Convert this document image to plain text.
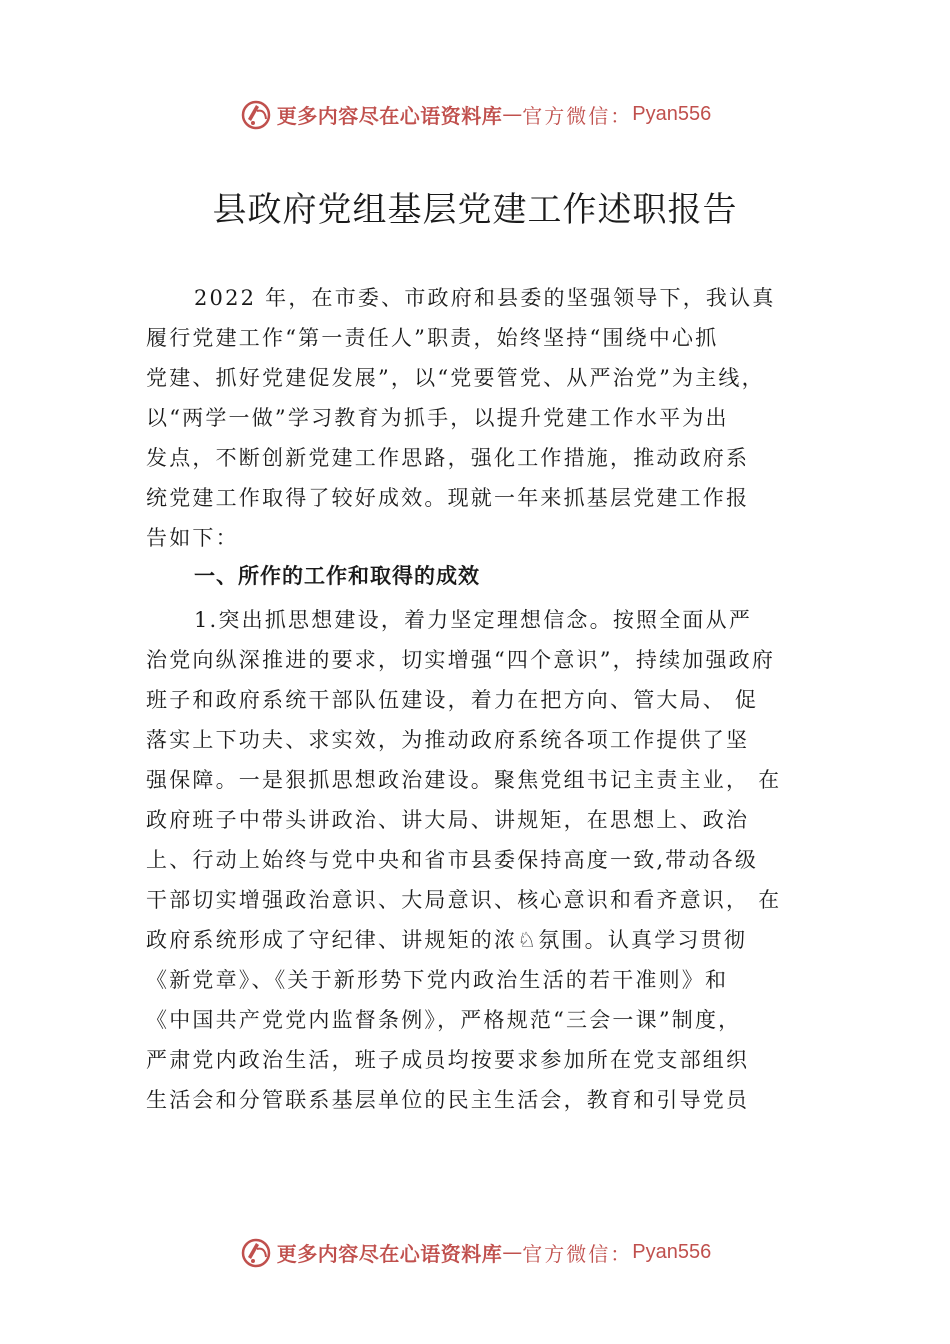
更多内容尽在心语资料库 — 官方微信： Pyan556
县政府党组基层党建工作述职报告
2022 年，在市委、市政府和县委的坚强领导下，我认真
履行党建工作“第一责任人”职责，始终坚持“围绕中心抓
党建、抓好党建促发展”，以“党要管党、从严治党”为主线，
以“两学一做”学习教育为抓手，以提升党建工作水平为出
发点，不断创新党建工作思路，强化工作措施，推动政府系
统党建工作取得了较好成效。现就一年来抓基层党建工作报
告如下：
一、所作的工作和取得的成效
1.突出抓思想建设，着力坚定理想信念。按照全面从严
治党向纵深推进的要求，切实增强“四个意识”，持续加强政府
班子和政府系统干部队伍建设，着力在把方向、管大局、 促
落实上下功夫、求实效，为推动政府系统各项工作提供了坚
强保障。一是狠抓思想政治建设。聚焦党组书记主责主业， 在
政府班子中带头讲政治、讲大局、讲规矩，在思想上、政治
上、行动上始终与党中央和省市县委保持高度一致,带动各级
干部切实增强政治意识、大局意识、核心意识和看齐意识， 在
政府系统形成了守纪律、讲规矩的浓♘氛围。认真学习贯彻
《新党章》、《关于新形势下党内政治生活的若干准则》和
《中国共产党党内监督条例》，严格规范“三会一课”制度，
严肃党内政治生活，班子成员均按要求参加所在党支部组织
生活会和分管联系基层单位的民主生活会，教育和引导党员
更多内容尽在心语资料库 — 官方微信： Pyan556
